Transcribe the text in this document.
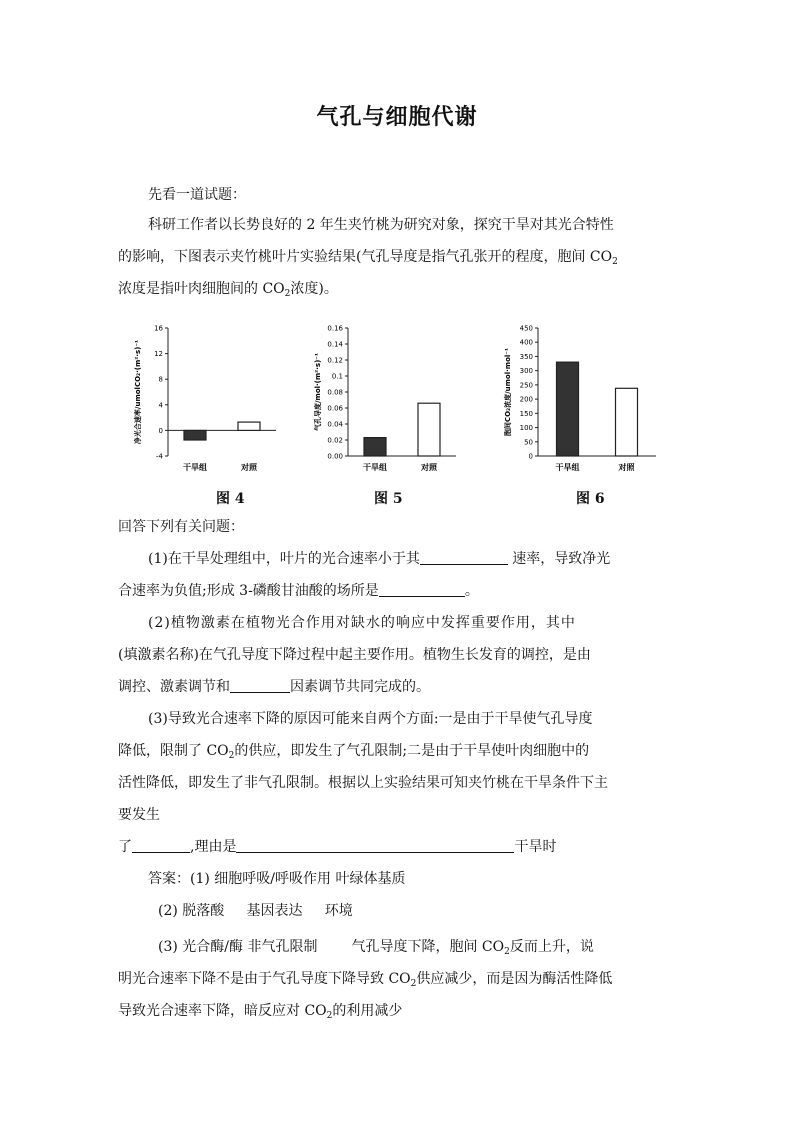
气孔与细胞代谢
先看一道试题：
科研工作者以长势良好的 2 年生夹竹桃为研究对象，探究干旱对其光合特性
的影响，下图表示夹竹桃叶片实验结果(气孔导度是指气孔张开的程度，胞间 $CO_2$
浓度是指叶肉细胞间的 $CO_2$浓度)。
净光合速率/umolCO₂·(m²·s)⁻¹
16
12
8
4
0
-4
干旱组	对照
图 4
气孔导度/mol·(m²·s)⁻¹
0.16
0.14
0.12
0.1
0.08
0.06
0.04
0.02
0.00
干旱组	对照
图 5
胞间CO₂浓度/umol·mol⁻¹
450
400
350
300
250
200
150
100
50
0
干旱组	对照
图 6
回答下列有关问题：
(1)在干旱处理组中，叶片的光合速率小于其	速率，导致净光
合速率为负值;形成 3-磷酸甘油酸的场所是	。
(2)植物激素在植物光合作用对缺水的响应中发挥重要作用，其中
(填激素名称)在气孔导度下降过程中起主要作用。植物生长发育的调控，是由
调控、激素调节和	因素调节共同完成的。
(3)导致光合速率下降的原因可能来自两个方面:一是由于干旱使气孔导度
降低，限制了 $CO_2$的供应，即发生了气孔限制;二是由于干旱使叶肉细胞中的
活性降低，即发生了非气孔限制。根据以上实验结果可知夹竹桃在干旱条件下主
要发生
了	,理由是	干旱时
答案：(1) 细胞呼吸/呼吸作用 叶绿体基质
(2) 脱落酸     基因表达     环境
(3) 光合酶/酶 非气孔限制 气孔导度下降，胞间 $CO_2$反而上升，说
明光合速率下降不是由于气孔导度下降导致 $CO_2$供应减少，而是因为酶活性降低
导致光合速率下降，暗反应对 $CO_2$的利用减少
